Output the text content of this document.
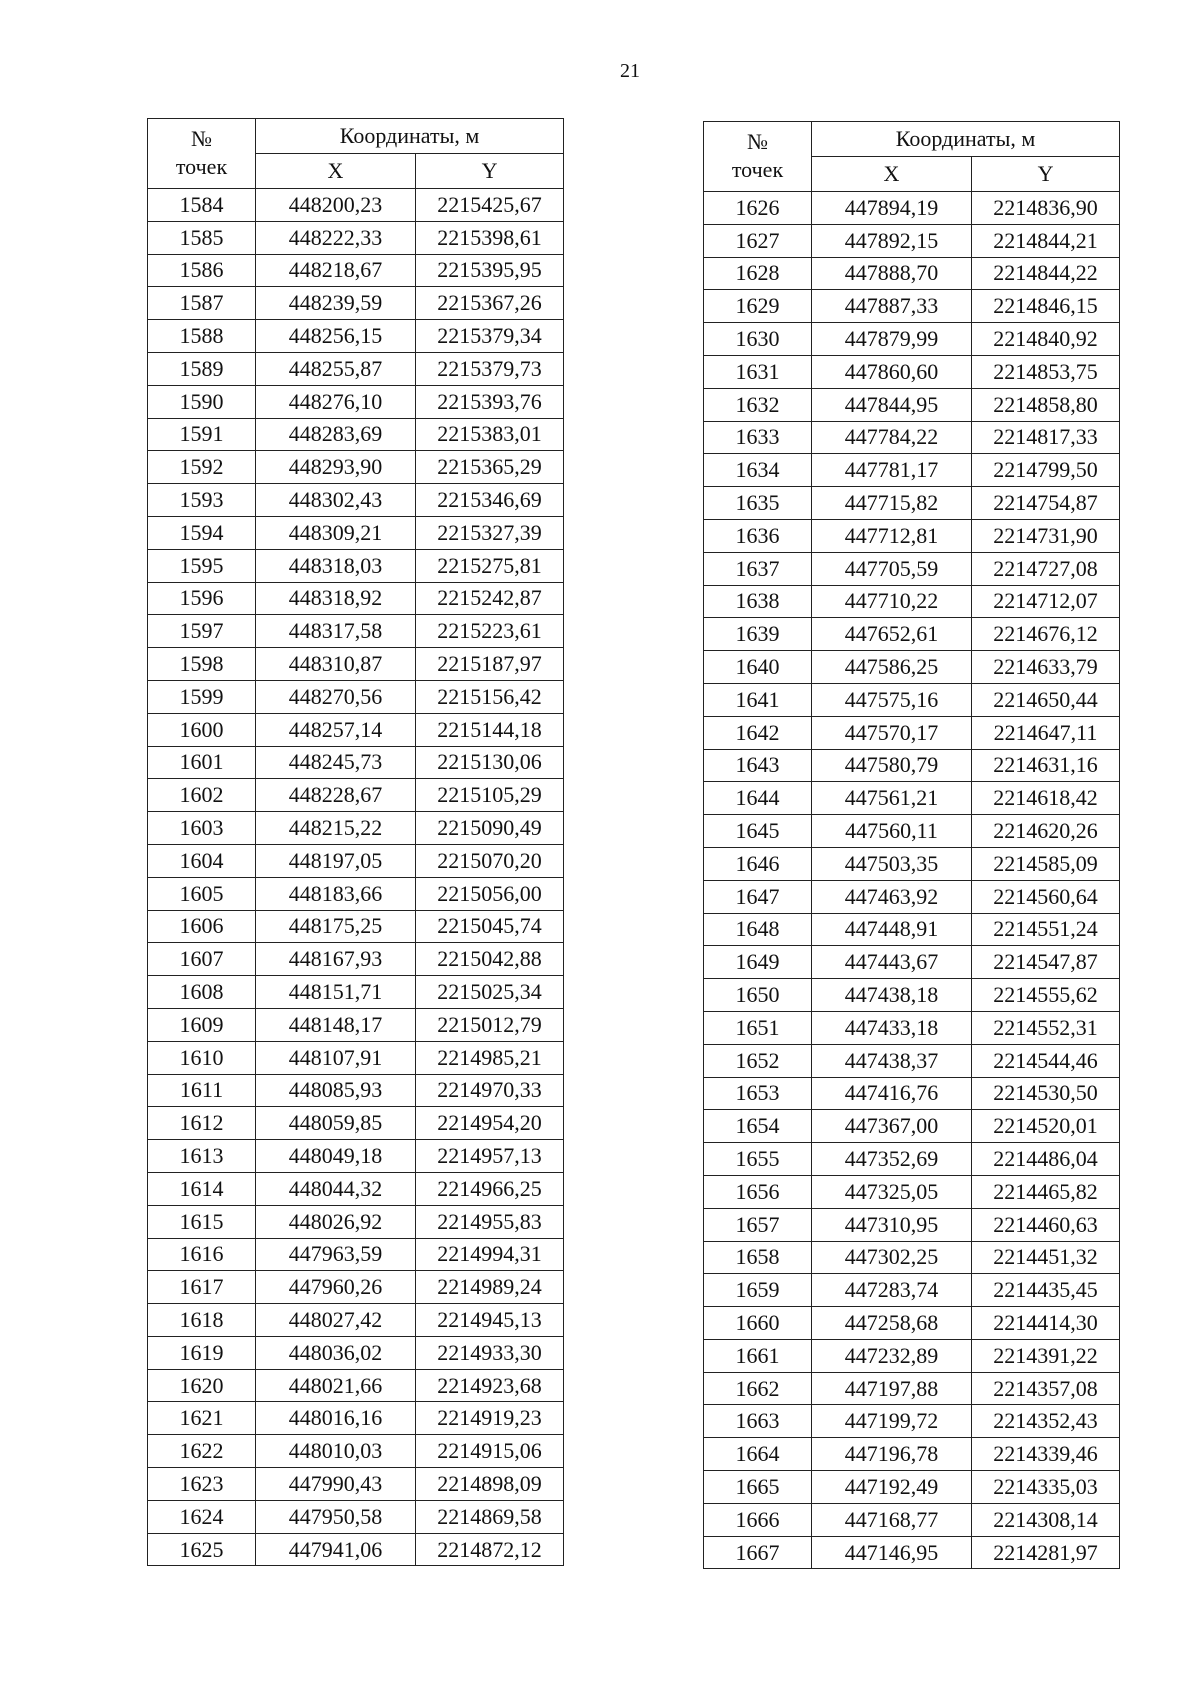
21
№
точек	Координаты, м	
	X	Y
1584	448200,23	2215425,67
1585	448222,33	2215398,61
1586	448218,67	2215395,95
1587	448239,59	2215367,26
1588	448256,15	2215379,34
1589	448255,87	2215379,73
1590	448276,10	2215393,76
1591	448283,69	2215383,01
1592	448293,90	2215365,29
1593	448302,43	2215346,69
1594	448309,21	2215327,39
1595	448318,03	2215275,81
1596	448318,92	2215242,87
1597	448317,58	2215223,61
1598	448310,87	2215187,97
1599	448270,56	2215156,42
1600	448257,14	2215144,18
1601	448245,73	2215130,06
1602	448228,67	2215105,29
1603	448215,22	2215090,49
1604	448197,05	2215070,20
1605	448183,66	2215056,00
1606	448175,25	2215045,74
1607	448167,93	2215042,88
1608	448151,71	2215025,34
1609	448148,17	2215012,79
1610	448107,91	2214985,21
1611	448085,93	2214970,33
1612	448059,85	2214954,20
1613	448049,18	2214957,13
1614	448044,32	2214966,25
1615	448026,92	2214955,83
1616	447963,59	2214994,31
1617	447960,26	2214989,24
1618	448027,42	2214945,13
1619	448036,02	2214933,30
1620	448021,66	2214923,68
1621	448016,16	2214919,23
1622	448010,03	2214915,06
1623	447990,43	2214898,09
1624	447950,58	2214869,58
1625	447941,06	2214872,12
№
точек	Координаты, м	
	X	Y
1626	447894,19	2214836,90
1627	447892,15	2214844,21
1628	447888,70	2214844,22
1629	447887,33	2214846,15
1630	447879,99	2214840,92
1631	447860,60	2214853,75
1632	447844,95	2214858,80
1633	447784,22	2214817,33
1634	447781,17	2214799,50
1635	447715,82	2214754,87
1636	447712,81	2214731,90
1637	447705,59	2214727,08
1638	447710,22	2214712,07
1639	447652,61	2214676,12
1640	447586,25	2214633,79
1641	447575,16	2214650,44
1642	447570,17	2214647,11
1643	447580,79	2214631,16
1644	447561,21	2214618,42
1645	447560,11	2214620,26
1646	447503,35	2214585,09
1647	447463,92	2214560,64
1648	447448,91	2214551,24
1649	447443,67	2214547,87
1650	447438,18	2214555,62
1651	447433,18	2214552,31
1652	447438,37	2214544,46
1653	447416,76	2214530,50
1654	447367,00	2214520,01
1655	447352,69	2214486,04
1656	447325,05	2214465,82
1657	447310,95	2214460,63
1658	447302,25	2214451,32
1659	447283,74	2214435,45
1660	447258,68	2214414,30
1661	447232,89	2214391,22
1662	447197,88	2214357,08
1663	447199,72	2214352,43
1664	447196,78	2214339,46
1665	447192,49	2214335,03
1666	447168,77	2214308,14
1667	447146,95	2214281,97
